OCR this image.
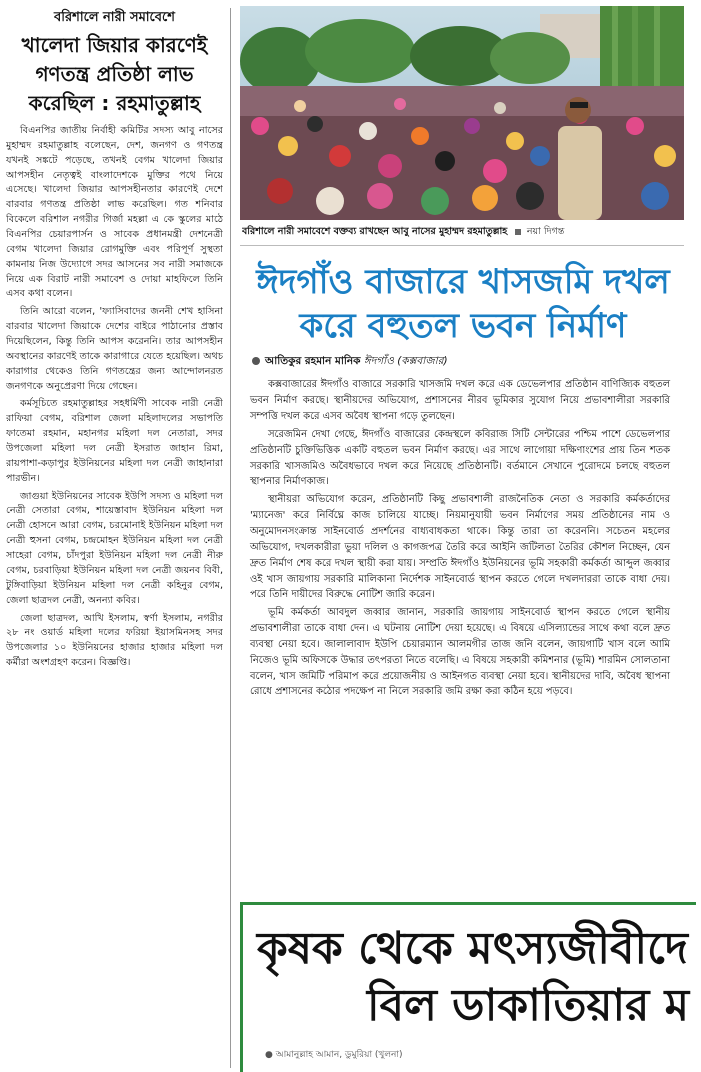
বরিশালে নারী সমাবেশে
খালেদা জিয়ার কারণেই গণতন্ত্র প্রতিষ্ঠা লাভ করেছিল : রহমাতুল্লাহ

বিএনপির জাতীয় নির্বাহী কমিটির সদস্য আবু নাসের মুহাম্মদ রহমাতুল্লাহ বলেছেন, দেশ, জনগণ ও গণতন্ত্র যখনই সঙ্কটে পড়েছে, তখনই বেগম খালেদা জিয়ার আপসহীন নেতৃত্বই বাংলাদেশকে মুক্তির পথে নিয়ে এসেছে। খালেদা জিয়ার আপসহীনতার কারণেই দেশে বারবার গণতন্ত্র প্রতিষ্ঠা লাভ করেছিল। গত শনিবার বিকেলে বরিশাল নগরীর গির্জা মহল্লা এ কে স্কুলের মাঠে বিএনপির চেয়ারপার্সন ও সাবেক প্রধানমন্ত্রী দেশনেত্রী বেগম খালেদা জিয়ার রোগমুক্তি এবং পরিপূর্ণ সুস্থতা কামনায় নিজ উদ্যোগে সদর আসনের সব নারী সমাজকে নিয়ে এক বিরাট নারী সমাবেশ ও দোয়া মাহফিলে তিনি এসব কথা বলেন।

তিনি আরো বলেন, 'ফ্যাসিবাদের জননী শেখ হাসিনা বারবার খালেদা জিয়াকে দেশের বাইরে পাঠানোর প্রস্তাব দিয়েছিলেন, কিন্তু তিনি আপস করেননি। তার আপসহীন অবস্থানের কারণেই তাকে কারাগারে যেতে হয়েছিল। অথচ কারাগার থেকেও তিনি গণতন্ত্রের জন্য আন্দোলনরত জনগণকে অনুপ্রেরণা দিয়ে গেছেন।

কর্মসূচিতে রহমাতুল্লাহর সহধর্মিণী সাবেক নারী নেত্রী রাফিয়া বেগম, বরিশাল জেলা মহিলাদলের সভাপতি ফাতেমা রহমান, মহানগর মহিলা দল নেতারা, সদর উপজেলা মহিলা দল নেত্রী ইসরাত জাহান রিমা, রায়পাশা-কড়াপুর ইউনিয়নের মহিলা দল নেত্রী জাহানারা পারভীন।

জাগুয়া ইউনিয়নের সাবেক ইউপি সদস্য ও মহিলা দল নেত্রী সেতারা বেগম, শায়েস্তাবাদ ইউনিয়ন মহিলা দল নেত্রী হোসনে আরা বেগম, চরমোনাই ইউনিয়ন মহিলা দল নেত্রী হুসনা বেগম, চন্দ্রমোহন ইউনিয়ন মহিলা দল নেত্রী সাহেরা বেগম, চাঁদপুরা ইউনিয়ন মহিলা দল নেত্রী নীরু বেগম, চরবাড়িয়া ইউনিয়ন মহিলা দল নেত্রী জয়নব বিবী, টুঙ্গিবাড়িয়া ইউনিয়ন মহিলা দল নেত্রী কহিনুর বেগম, জেলা ছাত্রদল নেত্রী, অনন্যা কবির।

জেলা ছাত্রদল, আখি ইসলাম, স্বর্ণা ইসলাম, নগরীর ২৮ নং ওয়ার্ড মহিলা দলের ফরিয়া ইয়াসমিনসহ সদর উপজেলার ১০ ইউনিয়নের হাজার হাজার মহিলা দল কর্মীরা অংশগ্রহণ করেন। বিজ্ঞপ্তি।

বরিশালে নারী সমাবেশে বক্তব্য রাখছেন আবু নাসের মুহাম্মদ রহমাতুল্লাহ নয়া দিগন্ত
ঈদগাঁও বাজারে খাসজমি দখল করে বহুতল ভবন নির্মাণ
আতিকুর রহমান মানিক ঈদগাঁও (কক্সবাজার)

কক্সবাজারের ঈদগাঁও বাজারে সরকারি খাসজমি দখল করে এক ডেভেলপার প্রতিষ্ঠান বাণিজ্যিক বহুতল ভবন নির্মাণ করছে। স্থানীয়দের অভিযোগ, প্রশাসনের নীরব ভূমিকার সুযোগ নিয়ে প্রভাবশালীরা সরকারি সম্পত্তি দখল করে এসব অবৈধ স্থাপনা গড়ে তুলছেন।

সরেজমিন দেখা গেছে, ঈদগাঁও বাজারের কেন্দ্রস্থলে কবিরাজ সিটি সেন্টারের পশ্চিম পাশে ডেভেলপার প্রতিষ্ঠানটি চুক্তিভিত্তিক একটি বহুতল ভবন নির্মাণ করছে। এর সাথে লাগোয়া দক্ষিণাংশের প্রায় তিন শতক সরকারি খাসজমিও অবৈধভাবে দখল করে নিয়েছে প্রতিষ্ঠানটি। বর্তমানে সেখানে পুরোদমে চলছে বহুতল স্থাপনার নির্মাণকাজ।

স্থানীয়রা অভিযোগ করেন, প্রতিষ্ঠানটি কিছু প্রভাবশালী রাজনৈতিক নেতা ও সরকারি কর্মকর্তাদের 'ম্যানেজ' করে নির্বিঘ্নে কাজ চালিয়ে যাচ্ছে। নিয়মানুযায়ী ভবন নির্মাণের সময় প্রতিষ্ঠানের নাম ও অনুমোদনসংক্রান্ত সাইনবোর্ড প্রদর্শনের বাধ্যবাধকতা থাকে। কিন্তু তারা তা করেননি। সচেতন মহলের অভিযোগ, দখলকারীরা ভুয়া দলিল ও কাগজপত্র তৈরি করে আইনি জটিলতা তৈরির কৌশল নিচ্ছেন, যেন দ্রুত নির্মাণ শেষ করে দখল স্থায়ী করা যায়। সম্প্রতি ঈদগাঁও ইউনিয়নের ভূমি সহকারী কর্মকর্তা আব্দুল জব্বার ওই খাস জায়গায় সরকারি মালিকানা নির্দেশক সাইনবোর্ড স্থাপন করতে গেলে দখলদাররা তাকে বাধা দেয়। পরে তিনি দায়ীদের বিরুদ্ধে নোটিশ জারি করেন।

ভূমি কর্মকর্তা আবদুল জব্বার জানান, সরকারি জায়গায় সাইনবোর্ড স্থাপন করতে গেলে স্থানীয় প্রভাবশালীরা তাকে বাধা দেন। এ ঘটনায় নোটিশ দেয়া হয়েছে। এ বিষয়ে এসিল্যান্ডের সাথে কথা বলে দ্রুত ব্যবস্থা নেয়া হবে। জালালাবাদ ইউপি চেয়ারম্যান আলমগীর তাজ জনি বলেন, জায়গাটি খাস বলে আমি নিজেও ভূমি অফিসকে উদ্ধার তৎপরতা নিতে বলেছি। এ বিষয়ে সহকারী কমিশনার (ভূমি) শারমিন সোলতানা বলেন, খাস জমিটি পরিমাপ করে প্রয়োজনীয় ও আইনগত ব্যবস্থা নেয়া হবে। স্থানীয়দের দাবি, অবৈধ স্থাপনা রোধে প্রশাসনের কঠোর পদক্ষেপ না নিলে সরকারি জমি রক্ষা করা কঠিন হয়ে পড়বে।

কৃষক থেকে মৎস্যজীবীদে
বিল ডাকাতিয়ার ম
● আমানুল্লাহ আমান, ডুমুরিয়া (খুলনা)
